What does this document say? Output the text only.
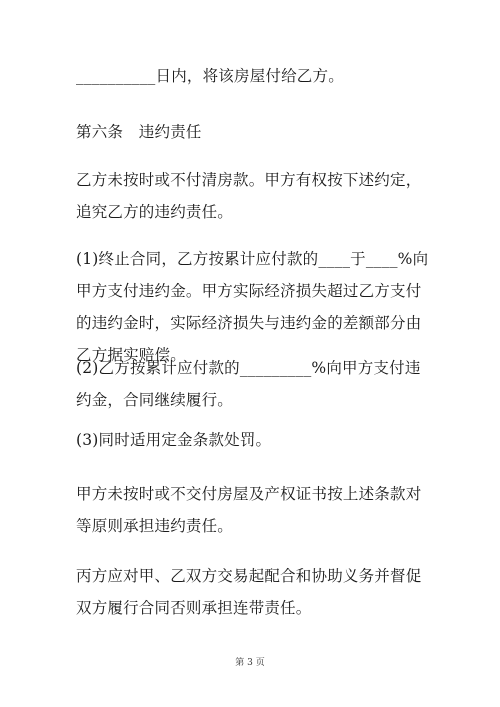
__________日内，将该房屋付给乙方。

第六条　违约责任

乙方未按时或不付清房款。甲方有权按下述约定，追究乙方的违约责任。

(1)终止合同，乙方按累计应付款的____于____%向甲方支付违约金。甲方实际经济损失超过乙方支付的违约金时，实际经济损失与违约金的差额部分由乙方据实赔偿。

(2)乙方按累计应付款的_________%向甲方支付违约金，合同继续履行。

(3)同时适用定金条款处罚。

甲方未按时或不交付房屋及产权证书按上述条款对等原则承担违约责任。

丙方应对甲、乙双方交易起配合和协助义务并督促双方履行合同否则承担连带责任。

第 3 页
